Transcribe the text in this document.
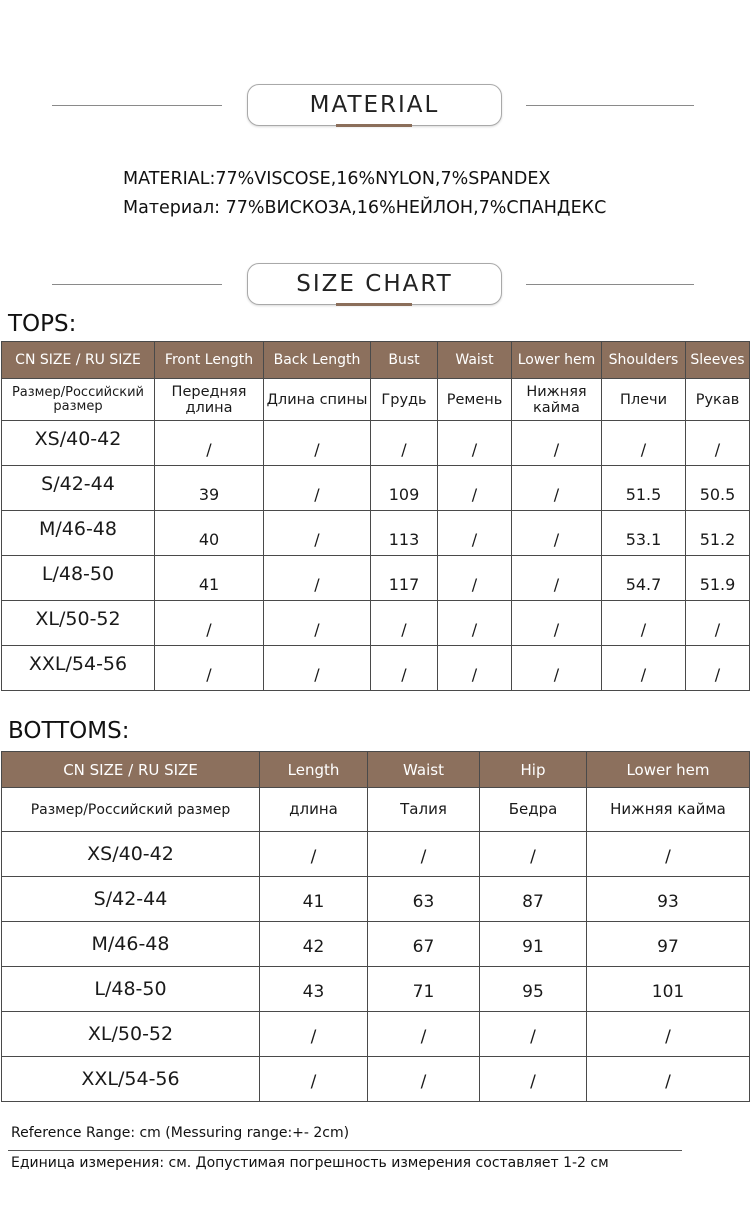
MATERIAL
MATERIAL:77%VISCOSE,16%NYLON,7%SPANDEX
Материал: 77%ВИСКОЗА,16%НЕЙЛОН,7%СПАНДЕКС
SIZE CHART
TOPS:
CN SIZE / RU SIZE	Front Length	Back Length	Bust	Waist	Lower hem	Shoulders	Sleeves
Размер/Российский размер	Передняя длина	Длина спины	Грудь	Ремень	Нижняя кайма	Плечи	Рукав
XS/40-42	/	/	/	/	/	/	/
S/42-44	39	/	109	/	/	51.5	50.5
M/46-48	40	/	113	/	/	53.1	51.2
L/48-50	41	/	117	/	/	54.7	51.9
XL/50-52	/	/	/	/	/	/	/
XXL/54-56	/	/	/	/	/	/	/
BOTTOMS:
CN SIZE / RU SIZE	Length	Waist	Hip	Lower hem
Размер/Российский размер	длина	Талия	Бедра	Нижняя кайма
XS/40-42	/	/	/	/
S/42-44	41	63	87	93
M/46-48	42	67	91	97
L/48-50	43	71	95	101
XL/50-52	/	/	/	/
XXL/54-56	/	/	/	/
Reference Range: cm (Messuring range:+- 2cm)
Единица измерения: см. Допустимая погрешность измерения составляет 1-2 см
